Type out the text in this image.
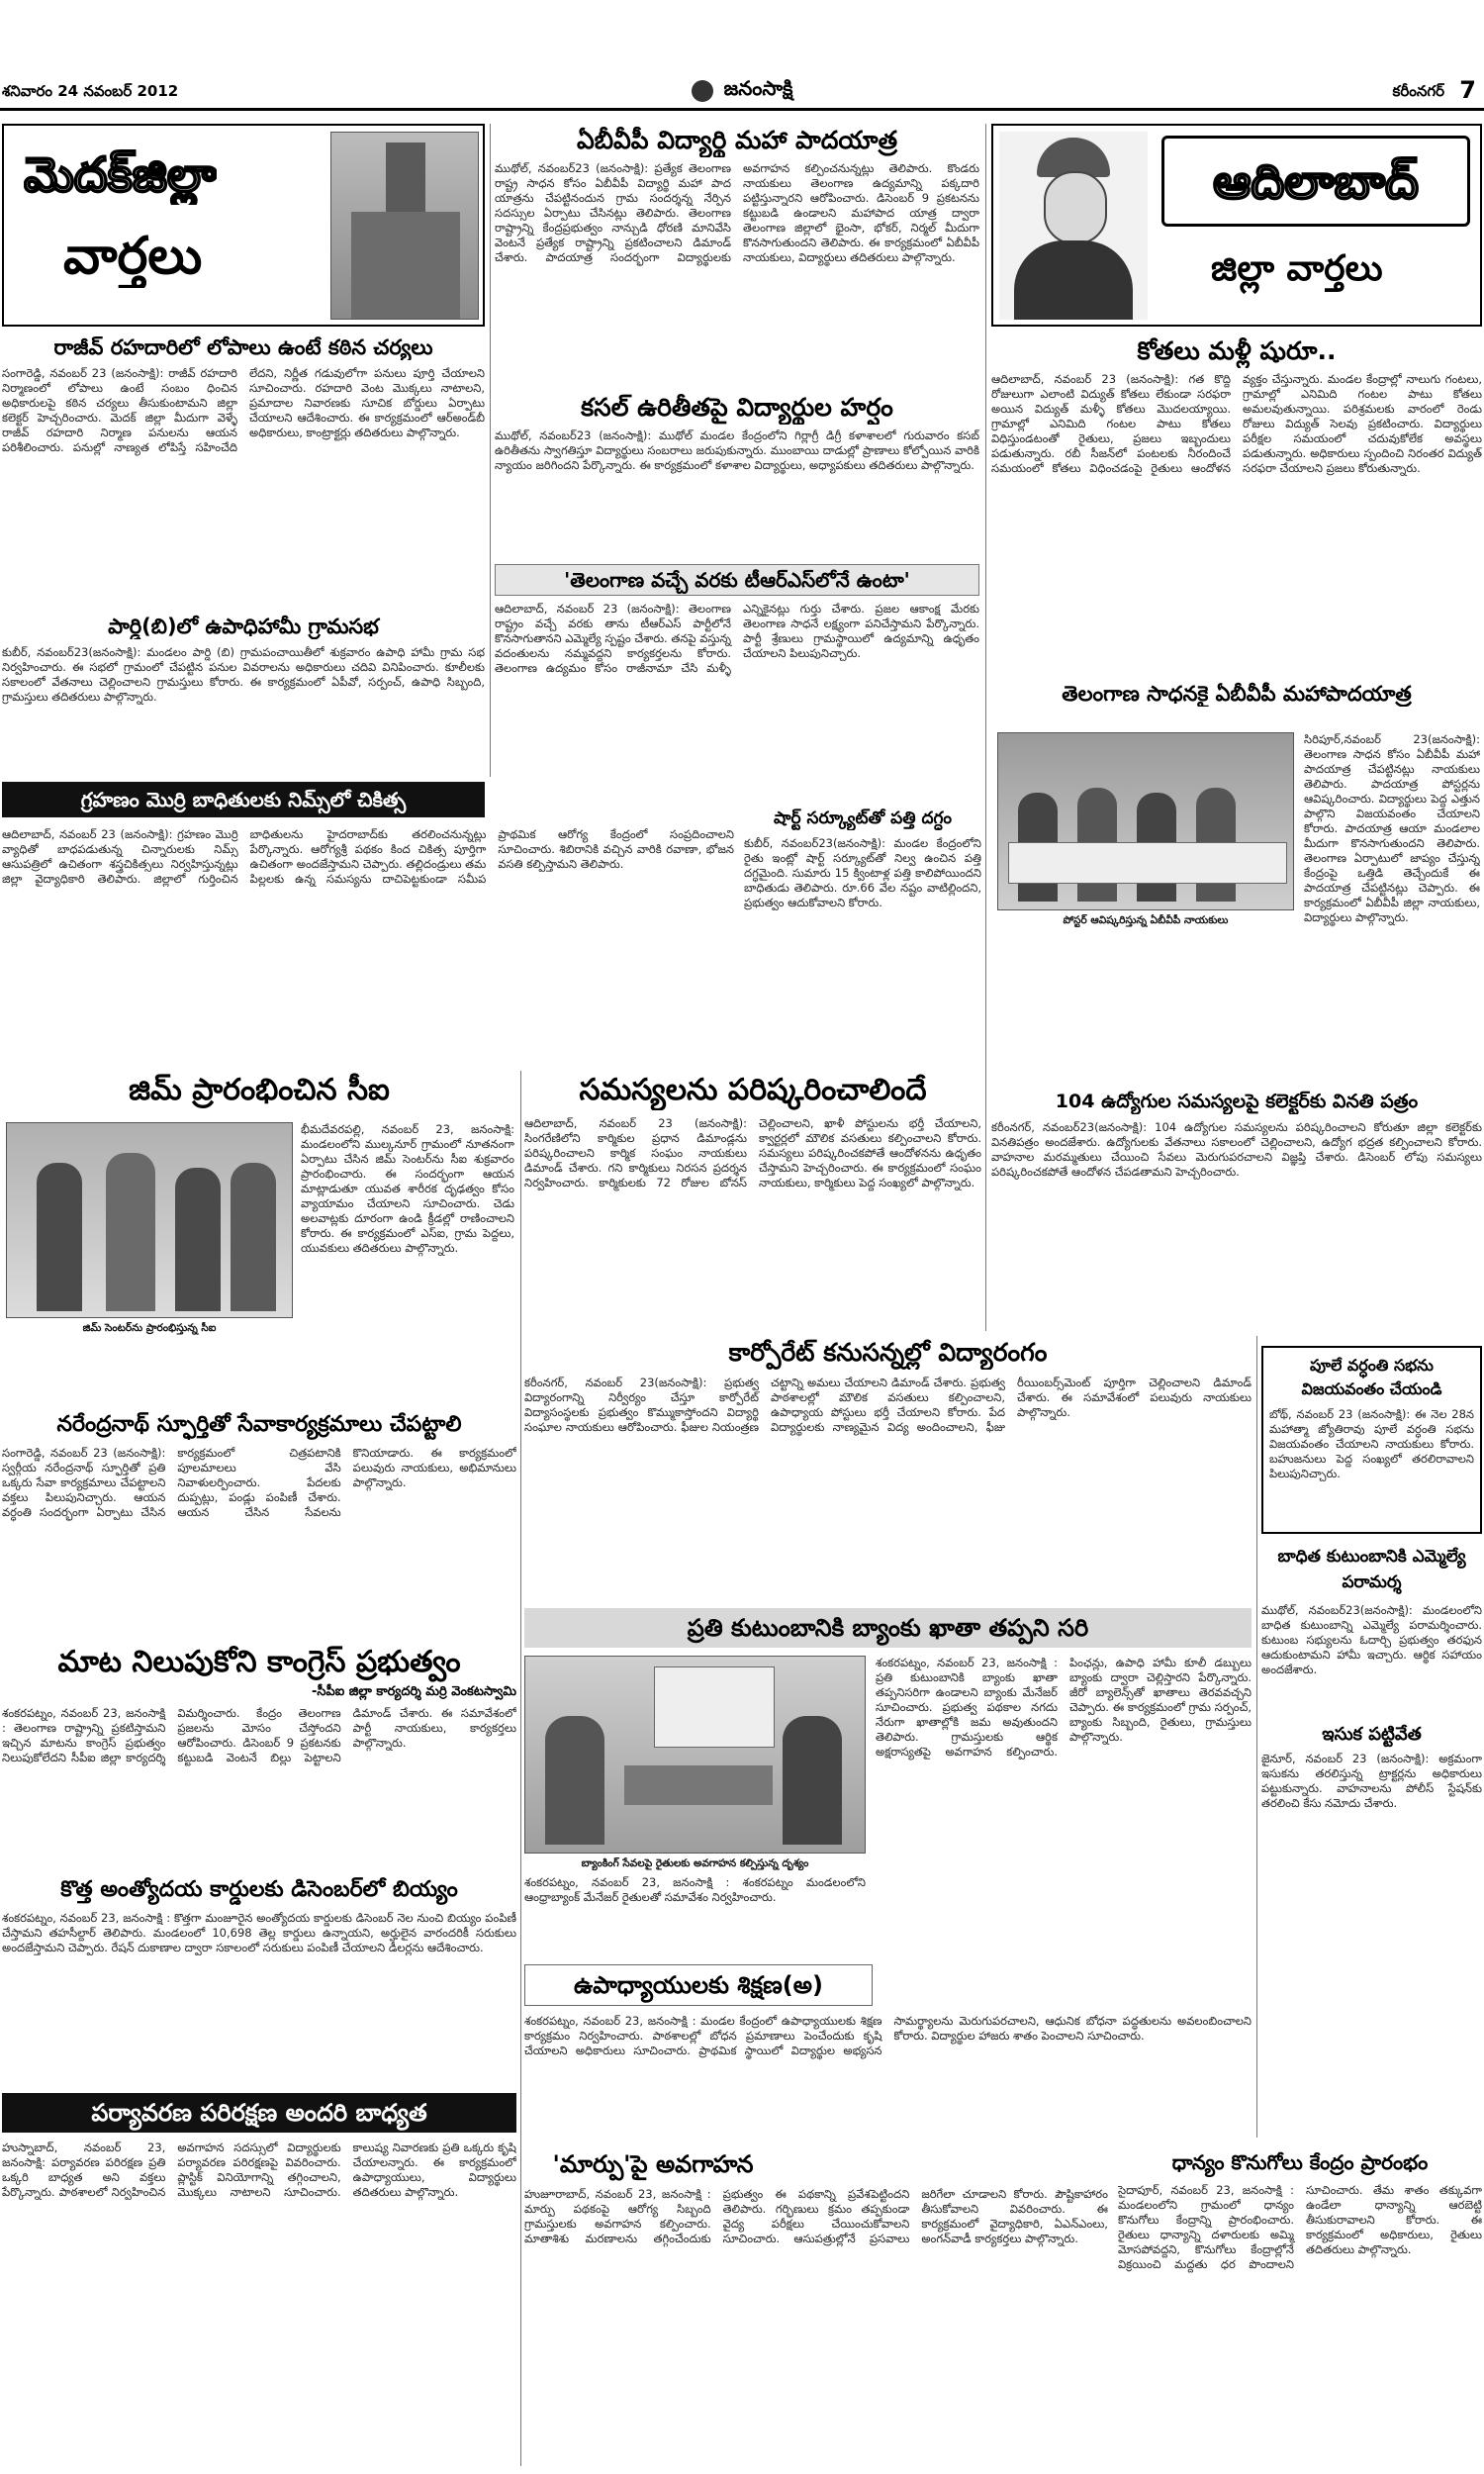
శనివారం 24 నవంబర్ 2012	జనంసాక్షి	కరీంనగర్ 7
మెదక్‌జిల్లా
వార్తలు
ఏబీవీపీ విద్యార్థి మహా పాదయాత్ర
ముథోల్‌, నవంబర్‌23 (జనంసాక్షి): ప్రత్యేక తెలంగాణ రాష్ట్ర సాధన కోసం ఏబీవీపీ విద్యార్థి మహా పాద యాత్రను చేపట్టినందున గ్రామ సందర్శన్న నేర్పిన సదస్సుల ఏర్పాటు చేసినట్లు తెలిపారు. తెలంగాణ రాష్ట్రాన్ని కేంద్రప్రభుత్వం నాన్చుడి ధోరణి మానివేసి వెంటనే ప్రత్యేక రాష్ట్రాన్ని ప్రకటించాలని డిమాండ్‌ చేశారు. పాదయాత్ర సందర్భంగా విద్యార్థులకు అవగాహన కల్పించనున్నట్లు తెలిపారు. కొండరు నాయకులు తెలంగాణ ఉద్యమాన్ని పక్కదారి పట్టిస్తున్నారని ఆరోపించారు. డిసెంబర్‌ 9 ప్రకటనను కట్టుబడి ఉండాలని మహాపాద యాత్ర ద్వారా తెలంగాణ జిల్లాలో భైంసా, భోకర్‌, నిర్మల్‌ మీదుగా కొనసాగుతుందని తెలిపారు. ఈ కార్యక్రమంలో ఏబీవీపీ నాయకులు, విద్యార్థులు తదితరులు పాల్గొన్నారు.
ఆదిలాబాద్
జిల్లా వార్తలు
రాజీవ్‌ రహదారిలో లోపాలు ఉంటే కఠిన చర్యలు
సంగారెడ్డి, నవంబర్‌ 23 (జనంసాక్షి): రాజీవ్‌ రహదారి నిర్మాణంలో లోపాలు ఉంటే సంబం ధించిన అధికారులపై కఠిన చర్యలు తీసుకుంటామని జిల్లా కలెక్టర్‌ హెచ్చరించారు. మెదక్‌ జిల్లా మీదుగా వెళ్ళే రాజీవ్‌ రహదారి నిర్మాణ పనులను ఆయన పరిశీలించారు. పనుల్లో నాణ్యత లోపిస్తే సహించేది లేదని, నిర్ణీత గడువులోగా పనులు పూర్తి చేయాలని సూచించారు. రహదారి వెంట మొక్కలు నాటాలని, ప్రమాదాల నివారణకు సూచిక బోర్డులు ఏర్పాటు చేయాలని ఆదేశించారు. ఈ కార్యక్రమంలో ఆర్‌అండ్‌బీ అధికారులు, కాంట్రాక్టర్లు తదితరులు పాల్గొన్నారు.
కోతలు మళ్లీ షురూ..
ఆదిలాబాద్‌, నవంబర్‌ 23 (జనంసాక్షి): గత కొద్ది రోజులుగా ఎలాంటి విద్యుత్‌ కోతలు లేకుండా సరఫరా అయిన విద్యుత్‌ మళ్ళీ కోతలు మొదలయ్యాయి. గ్రామాల్లో ఎనిమిది గంటల పాటు కోతలు విధిస్తుండటంతో రైతులు, ప్రజలు ఇబ్బందులు పడుతున్నారు. రబీ సీజన్‌లో పంటలకు నీరందించే సమయంలో కోతలు విధించడంపై రైతులు ఆందోళన వ్యక్తం చేస్తున్నారు. మండల కేంద్రాల్లో నాలుగు గంటలు, గ్రామాల్లో ఎనిమిది గంటల పాటు కోతలు అమలవుతున్నాయి. పరిశ్రమలకు వారంలో రెండు రోజులు విద్యుత్‌ సెలవు ప్రకటించారు. విద్యార్థులు పరీక్షల సమయంలో చదువుకోలేక అవస్థలు పడుతున్నారు. అధికారులు స్పందించి నిరంతర విద్యుత్‌ సరఫరా చేయాలని ప్రజలు కోరుతున్నారు.
కసల్‌ ఉరితీతపై విద్యార్థుల హర్షం
ముథోల్‌, నవంబర్‌23 (జనంసాక్షి): ముథోల్‌ మండల కేంద్రంలోని గిర్లాగ్రీ డిగ్రీ కళాశాలలో గురువారం కసబ్‌ ఉరితీతను స్వాగతిస్తూ విద్యార్థులు సంబరాలు జరుపుకున్నారు. ముంబాయి దాడుల్లో ప్రాణాలు కోల్పోయిన వారికి న్యాయం జరిగిందని పేర్కొన్నారు. ఈ కార్యక్రమంలో కళాశాల విద్యార్థులు, అధ్యాపకులు తదితరులు పాల్గొన్నారు.
పార్డి(బి)లో ఉపాధిహామీ గ్రామసభ
కుబీర్‌, నవంబర్‌23(జనంసాక్షి): మండలం పార్డి (బి) గ్రామపంచాయితీలో శుక్రవారం ఉపాధి హామీ గ్రామ సభ నిర్వహించారు. ఈ సభలో గ్రామంలో చేపట్టిన పనుల వివరాలను అధికారులు చదివి వినిపించారు. కూలీలకు సకాలంలో వేతనాలు చెల్లించాలని గ్రామస్తులు కోరారు. ఈ కార్యక్రమంలో ఏపీవో, సర్పంచ్‌, ఉపాధి సిబ్బంది, గ్రామస్తులు తదితరులు పాల్గొన్నారు.
'తెలంగాణ వచ్చే వరకు టీఆర్‌ఎస్‌లోనే ఉంటా'
ఆదిలాబాద్‌, నవంబర్‌ 23 (జనంసాక్షి): తెలంగాణ రాష్ట్రం వచ్చే వరకు తాను టీఆర్‌ఎస్‌ పార్టీలోనే కొనసాగుతానని ఎమ్మెల్యే స్పష్టం చేశారు. తనపై వస్తున్న వదంతులను నమ్మవద్దని కార్యకర్తలను కోరారు. తెలంగాణ ఉద్యమం కోసం రాజీనామా చేసి మళ్ళీ ఎన్నికైనట్లు గుర్తు చేశారు. ప్రజల ఆకాంక్ష మేరకు తెలంగాణ సాధనే లక్ష్యంగా పనిచేస్తామని పేర్కొన్నారు. పార్టీ శ్రేణులు గ్రామస్థాయిలో ఉద్యమాన్ని ఉధృతం చేయాలని పిలుపునిచ్చారు.
తెలంగాణ సాధనకై ఏబీవీపీ మహాపాదయాత్ర
పోస్టర్‌ ఆవిష్కరిస్తున్న ఏబీవీపీ నాయకులు
సిరిపూర్‌,నవంబర్‌ 23(జనంసాక్షి): తెలంగాణ సాధన కోసం ఏబీవీపీ మహా పాదయాత్ర చేపట్టినట్లు నాయకులు తెలిపారు. పాదయాత్ర పోస్టర్లను ఆవిష్కరించారు. విద్యార్థులు పెద్ద ఎత్తున పాల్గొని విజయవంతం చేయాలని కోరారు. పాదయాత్ర ఆయా మండలాల మీదుగా కొనసాగుతుందని తెలిపారు. తెలంగాణ ఏర్పాటులో జాప్యం చేస్తున్న కేంద్రంపై ఒత్తిడి తెచ్చేందుకే ఈ పాదయాత్ర చేపట్టినట్లు చెప్పారు. ఈ కార్యక్రమంలో ఏబీవీపీ జిల్లా నాయకులు, విద్యార్థులు పాల్గొన్నారు.
గ్రహణం మొర్రి బాధితులకు నిమ్స్‌లో చికిత్స
ఆదిలాబాద్‌, నవంబర్‌ 23 (జనంసాక్షి): గ్రహణం మొర్రి వ్యాధితో బాధపడుతున్న చిన్నారులకు నిమ్స్‌ ఆసుపత్రిలో ఉచితంగా శస్త్రచికిత్సలు నిర్వహిస్తున్నట్లు జిల్లా వైద్యాధికారి తెలిపారు. జిల్లాలో గుర్తించిన బాధితులను హైదరాబాద్‌కు తరలించనున్నట్లు పేర్కొన్నారు. ఆరోగ్యశ్రీ పథకం కింద చికిత్స పూర్తిగా ఉచితంగా అందజేస్తామని చెప్పారు. తల్లిదండ్రులు తమ పిల్లలకు ఉన్న సమస్యను దాచిపెట్టకుండా సమీప ప్రాథమిక ఆరోగ్య కేంద్రంలో సంప్రదించాలని సూచించారు. శిబిరానికి వచ్చిన వారికి రవాణా, భోజన వసతి కల్పిస్తామని తెలిపారు.
షార్ట్‌ సర్క్యూట్‌తో పత్తి దగ్ధం
కుబీర్‌, నవంబర్‌23(జనంసాక్షి): మండల కేంద్రంలోని రైతు ఇంట్లో షార్ట్‌ సర్క్యూట్‌తో నిల్వ ఉంచిన పత్తి దగ్ధమైంది. సుమారు 15 క్వింటాళ్ల పత్తి కాలిపోయిందని బాధితుడు తెలిపారు. రూ.66 వేల నష్టం వాటిల్లిందని, ప్రభుత్వం ఆదుకోవాలని కోరారు.
జిమ్‌ ప్రారంభించిన సీఐ
జిమ్‌ సెంటర్‌ను ప్రారంభిస్తున్న సీఐ
భీమదేవరపల్లి, నవంబర్‌ 23, జనంసాక్షి: మండలంలోని ముల్కనూర్‌ గ్రామంలో నూతనంగా ఏర్పాటు చేసిన జిమ్‌ సెంటర్‌ను సీఐ శుక్రవారం ప్రారంభించారు. ఈ సందర్భంగా ఆయన మాట్లాడుతూ యువత శారీరక దృఢత్వం కోసం వ్యాయామం చేయాలని సూచించారు. చెడు అలవాట్లకు దూరంగా ఉండి క్రీడల్లో రాణించాలని కోరారు. ఈ కార్యక్రమంలో ఎస్‌ఐ, గ్రామ పెద్దలు, యువకులు తదితరులు పాల్గొన్నారు.
సమస్యలను పరిష్కరించాలిందే
ఆదిలాబాద్‌, నవంబర్‌ 23 (జనంసాక్షి): సింగరేణిలోని కార్మికుల ప్రధాన డిమాండ్లను పరిష్కరించాలని కార్మిక సంఘం నాయకులు డిమాండ్‌ చేశారు. గని కార్మికులు నిరసన ప్రదర్శన నిర్వహించారు. కార్మికులకు 72 రోజుల బోనస్‌ చెల్లించాలని, ఖాళీ పోస్టులను భర్తీ చేయాలని, క్వార్టర్లలో మౌలిక వసతులు కల్పించాలని కోరారు. సమస్యలు పరిష్కరించకపోతే ఆందోళనను ఉధృతం చేస్తామని హెచ్చరించారు. ఈ కార్యక్రమంలో సంఘం నాయకులు, కార్మికులు పెద్ద సంఖ్యలో పాల్గొన్నారు.
104 ఉద్యోగుల సమస్యలపై కలెక్టర్‌కు వినతి పత్రం
కరీంనగర్‌, నవంబర్‌23(జనంసాక్షి): 104 ఉద్యోగుల సమస్యలను పరిష్కరించాలని కోరుతూ జిల్లా కలెక్టర్‌కు వినతిపత్రం అందజేశారు. ఉద్యోగులకు వేతనాలు సకాలంలో చెల్లించాలని, ఉద్యోగ భద్రత కల్పించాలని కోరారు. వాహనాల మరమ్మతులు చేయించి సేవలు మెరుగుపరచాలని విజ్ఞప్తి చేశారు. డిసెంబర్‌ లోపు సమస్యలు పరిష్కరించకపోతే ఆందోళన చేపడతామని హెచ్చరించారు.
నరేంద్రనాథ్‌ స్ఫూర్తితో సేవాకార్యక్రమాలు చేపట్టాలి
సంగారెడ్డి, నవంబర్‌ 23 (జనంసాక్షి): స్వర్గీయ నరేంద్రనాథ్‌ స్ఫూర్తితో ప్రతి ఒక్కరు సేవా కార్యక్రమాలు చేపట్టాలని వక్తలు పిలుపునిచ్చారు. ఆయన వర్ధంతి సందర్భంగా ఏర్పాటు చేసిన కార్యక్రమంలో చిత్రపటానికి పూలమాలలు వేసి నివాళులర్పించారు. పేదలకు దుప్పట్లు, పండ్లు పంపిణీ చేశారు. ఆయన చేసిన సేవలను కొనియాడారు. ఈ కార్యక్రమంలో పలువురు నాయకులు, అభిమానులు పాల్గొన్నారు.
కార్పోరేట్‌ కనుసన్నల్లో విద్యారంగం
కరీంనగర్‌, నవంబర్‌ 23(జనంసాక్షి): ప్రభుత్వ విద్యారంగాన్ని నిర్వీర్యం చేస్తూ కార్పోరేట్‌ విద్యాసంస్థలకు ప్రభుత్వం కొమ్ముకాస్తోందని విద్యార్థి సంఘాల నాయకులు ఆరోపించారు. ఫీజుల నియంత్రణ చట్టాన్ని అమలు చేయాలని డిమాండ్‌ చేశారు. ప్రభుత్వ పాఠశాలల్లో మౌలిక వసతులు కల్పించాలని, ఉపాధ్యాయ పోస్టులు భర్తీ చేయాలని కోరారు. పేద విద్యార్థులకు నాణ్యమైన విద్య అందించాలని, ఫీజు రీయింబర్స్‌మెంట్‌ పూర్తిగా చెల్లించాలని డిమాండ్‌ చేశారు. ఈ సమావేశంలో పలువురు నాయకులు పాల్గొన్నారు.
పూలే వర్ధంతి సభను విజయవంతం చేయండి
బోథ్‌, నవంబర్‌ 23 (జనంసాక్షి): ఈ నెల 28న మహాత్మా జ్యోతిరావు పూలే వర్ధంతి సభను విజయవంతం చేయాలని నాయకులు కోరారు. బహుజనులు పెద్ద సంఖ్యలో తరలిరావాలని పిలుపునిచ్చారు.
మాట నిలుపుకోని కాంగ్రెస్‌ ప్రభుత్వం
-సీపీఐ జిల్లా కార్యదర్శి మర్రి వెంకటస్వామి
శంకరపట్నం, నవంబర్‌ 23, జనంసాక్షి : తెలంగాణ రాష్ట్రాన్ని ప్రకటిస్తామని ఇచ్చిన మాటను కాంగ్రెస్‌ ప్రభుత్వం నిలుపుకోలేదని సీపీఐ జిల్లా కార్యదర్శి విమర్శించారు. కేంద్రం తెలంగాణ ప్రజలను మోసం చేస్తోందని ఆరోపించారు. డిసెంబర్‌ 9 ప్రకటనకు కట్టుబడి వెంటనే బిల్లు పెట్టాలని డిమాండ్‌ చేశారు. ఈ సమావేశంలో పార్టీ నాయకులు, కార్యకర్తలు పాల్గొన్నారు.
ప్రతి కుటుంబానికి బ్యాంకు ఖాతా తప్పని సరి
బ్యాంకింగ్‌ సేవలపై రైతులకు అవగాహన కల్పిస్తున్న దృశ్యం
శంకరపట్నం, నవంబర్‌ 23, జనంసాక్షి : శంకరపట్నం మండలంలోని ఆంధ్రాబ్యాంక్‌ మేనేజర్‌ రైతులతో సమావేశం నిర్వహించారు.
శంకరపట్నం, నవంబర్‌ 23, జనంసాక్షి : ప్రతి కుటుంబానికి బ్యాంకు ఖాతా తప్పనిసరిగా ఉండాలని బ్యాంకు మేనేజర్‌ సూచించారు. ప్రభుత్వ పథకాల నగదు నేరుగా ఖాతాల్లోకి జమ అవుతుందని తెలిపారు. గ్రామస్తులకు ఆర్థిక అక్షరాస్యతపై అవగాహన కల్పించారు. పింఛన్లు, ఉపాధి హామీ కూలీ డబ్బులు బ్యాంకు ద్వారా చెల్లిస్తారని పేర్కొన్నారు. జీరో బ్యాలెన్స్‌తో ఖాతాలు తెరవవచ్చని చెప్పారు. ఈ కార్యక్రమంలో గ్రామ సర్పంచ్‌, బ్యాంకు సిబ్బంది, రైతులు, గ్రామస్తులు పాల్గొన్నారు.
బాధిత కుటుంబానికి ఎమ్మెల్యే పరామర్శ
ముథోల్‌, నవంబర్‌23(జనంసాక్షి): మండలంలోని బాధిత కుటుంబాన్ని ఎమ్మెల్యే పరామర్శించారు. కుటుంబ సభ్యులను ఓదార్చి ప్రభుత్వం తరఫున ఆదుకుంటామని హామీ ఇచ్చారు. ఆర్థిక సహాయం అందజేశారు.
ఇసుక పట్టివేత
జైనూర్‌, నవంబర్‌ 23 (జనంసాక్షి): అక్రమంగా ఇసుకను తరలిస్తున్న ట్రాక్టర్లను అధికారులు పట్టుకున్నారు. వాహనాలను పోలీస్‌ స్టేషన్‌కు తరలించి కేసు నమోదు చేశారు.
కొత్త అంత్యోదయ కార్డులకు డిసెంబర్‌లో బియ్యం
శంకరపట్నం, నవంబర్‌ 23, జనంసాక్షి : కొత్తగా మంజూరైన అంత్యోదయ కార్డులకు డిసెంబర్‌ నెల నుంచి బియ్యం పంపిణీ చేస్తామని తహసీల్దార్‌ తెలిపారు. మండలంలో 10,698 తెల్ల కార్డులు ఉన్నాయని, అర్హులైన వారందరికీ సరుకులు అందజేస్తామని చెప్పారు. రేషన్‌ దుకాణాల ద్వారా సకాలంలో సరుకులు పంపిణీ చేయాలని డీలర్లను ఆదేశించారు.
ఉపాధ్యాయులకు శిక్షణ(అ)
శంకరపట్నం, నవంబర్‌ 23, జనంసాక్షి : మండల కేంద్రంలో ఉపాధ్యాయులకు శిక్షణ కార్యక్రమం నిర్వహించారు. పాఠశాలల్లో బోధన ప్రమాణాలు పెంచేందుకు కృషి చేయాలని అధికారులు సూచించారు. ప్రాథమిక స్థాయిలో విద్యార్థుల అభ్యసన సామర్థ్యాలను మెరుగుపరచాలని, ఆధునిక బోధనా పద్ధతులను అవలంబించాలని కోరారు. విద్యార్థుల హాజరు శాతం పెంచాలని సూచించారు.
పర్యావరణ పరిరక్షణ అందరి బాధ్యత
హుస్నాబాద్‌, నవంబర్‌ 23, జనంసాక్షి: పర్యావరణ పరిరక్షణ ప్రతి ఒక్కరి బాధ్యత అని వక్తలు పేర్కొన్నారు. పాఠశాలలో నిర్వహించిన అవగాహన సదస్సులో విద్యార్థులకు పర్యావరణ పరిరక్షణపై వివరించారు. ప్లాస్టిక్‌ వినియోగాన్ని తగ్గించాలని, మొక్కలు నాటాలని సూచించారు. కాలుష్య నివారణకు ప్రతి ఒక్కరు కృషి చేయాలన్నారు. ఈ కార్యక్రమంలో ఉపాధ్యాయులు, విద్యార్థులు తదితరులు పాల్గొన్నారు.
'మార్పు'పై అవగాహన
హుజూరాబాద్‌, నవంబర్‌ 23, జనంసాక్షి : మార్పు పథకంపై ఆరోగ్య సిబ్బంది గ్రామస్తులకు అవగాహన కల్పించారు. మాతాశిశు మరణాలను తగ్గించేందుకు ప్రభుత్వం ఈ పథకాన్ని ప్రవేశపెట్టిందని తెలిపారు. గర్భిణులు క్రమం తప్పకుండా వైద్య పరీక్షలు చేయించుకోవాలని సూచించారు. ఆసుపత్రుల్లోనే ప్రసవాలు జరిగేలా చూడాలని కోరారు. పౌష్టికాహారం తీసుకోవాలని వివరించారు. ఈ కార్యక్రమంలో వైద్యాధికారి, ఏఎన్‌ఎంలు, అంగన్‌వాడీ కార్యకర్తలు పాల్గొన్నారు.
ధాన్యం కొనుగోలు కేంద్రం ప్రారంభం
సైదాపూర్‌, నవంబర్‌ 23, జనంసాక్షి : మండలంలోని గ్రామంలో ధాన్యం కొనుగోలు కేంద్రాన్ని ప్రారంభించారు. రైతులు ధాన్యాన్ని దళారులకు అమ్మి మోసపోవద్దని, కొనుగోలు కేంద్రాల్లోనే విక్రయించి మద్దతు ధర పొందాలని సూచించారు. తేమ శాతం తక్కువగా ఉండేలా ధాన్యాన్ని ఆరబెట్టి తీసుకురావాలని కోరారు. ఈ కార్యక్రమంలో అధికారులు, రైతులు తదితరులు పాల్గొన్నారు.
